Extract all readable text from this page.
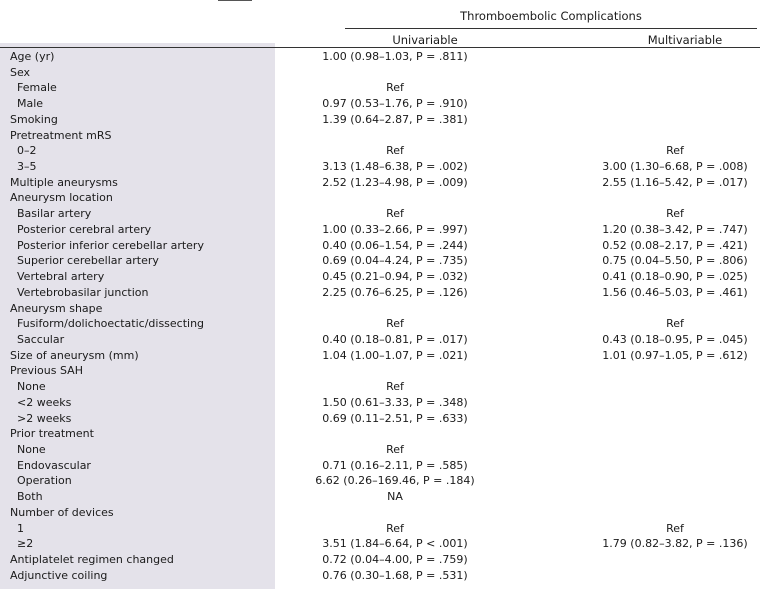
Thromboembolic Complications
Univariable	Multivariable
Age (yr)	1.00 (0.98–1.03, P = .811)
Sex
Female	Ref
Male	0.97 (0.53–1.76, P = .910)
Smoking	1.39 (0.64–2.87, P = .381)
Pretreatment mRS
0–2	Ref	Ref
3–5	3.13 (1.48–6.38, P = .002)	3.00 (1.30–6.68, P = .008)
Multiple aneurysms	2.52 (1.23–4.98, P = .009)	2.55 (1.16–5.42, P = .017)
Aneurysm location
Basilar artery	Ref	Ref
Posterior cerebral artery	1.00 (0.33–2.66, P = .997)	1.20 (0.38–3.42, P = .747)
Posterior inferior cerebellar artery	0.40 (0.06–1.54, P = .244)	0.52 (0.08–2.17, P = .421)
Superior cerebellar artery	0.69 (0.04–4.24, P = .735)	0.75 (0.04–5.50, P = .806)
Vertebral artery	0.45 (0.21–0.94, P = .032)	0.41 (0.18–0.90, P = .025)
Vertebrobasilar junction	2.25 (0.76–6.25, P = .126)	1.56 (0.46–5.03, P = .461)
Aneurysm shape
Fusiform/dolichoectatic/dissecting	Ref	Ref
Saccular	0.40 (0.18–0.81, P = .017)	0.43 (0.18–0.95, P = .045)
Size of aneurysm (mm)	1.04 (1.00–1.07, P = .021)	1.01 (0.97–1.05, P = .612)
Previous SAH
None	Ref
<2 weeks	1.50 (0.61–3.33, P = .348)
>2 weeks	0.69 (0.11–2.51, P = .633)
Prior treatment
None	Ref
Endovascular	0.71 (0.16–2.11, P = .585)
Operation	6.62 (0.26–169.46, P = .184)
Both	NA
Number of devices
1	Ref	Ref
≥2	3.51 (1.84–6.64, P < .001)	1.79 (0.82–3.82, P = .136)
Antiplatelet regimen changed	0.72 (0.04–4.00, P = .759)
Adjunctive coiling	0.76 (0.30–1.68, P = .531)
